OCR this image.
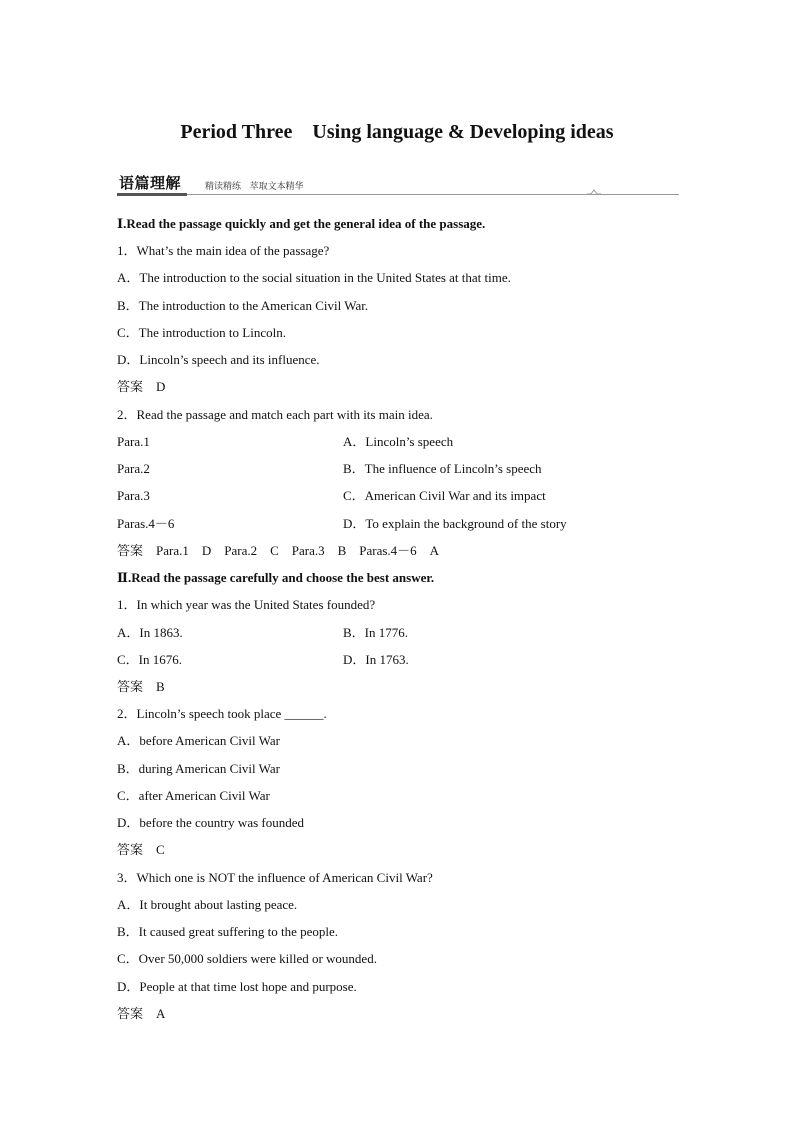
Period Three    Using language & Developing ideas
语篇理解	精读精练   萃取文本精华
Ⅰ.Read the passage quickly and get the general idea of the passage.
1．What’s the main idea of the passage?
A．The introduction to the social situation in the United States at that time.
B．The introduction to the American Civil War.
C．The introduction to Lincoln.
D．Lincoln’s speech and its influence.
答案　D
2．Read the passage and match each part with its main idea.
Para.1	A．Lincoln’s speech
Para.2	B．The influence of Lincoln’s speech
Para.3	C．American Civil War and its impact
Paras.4－6	D．To explain the background of the story
答案　Para.1　D　Para.2　C　Para.3　B　Paras.4－6　A
Ⅱ.Read the passage carefully and choose the best answer.
1．In which year was the United States founded?
A．In 1863.	B．In 1776.
C．In 1676.	D．In 1763.
答案　B
2．Lincoln’s speech took place ______.
A．before American Civil War
B．during American Civil War
C．after American Civil War
D．before the country was founded
答案　C
3．Which one is NOT the influence of American Civil War?
A．It brought about lasting peace.
B．It caused great suffering to the people.
C．Over 50,000 soldiers were killed or wounded.
D．People at that time lost hope and purpose.
答案　A
